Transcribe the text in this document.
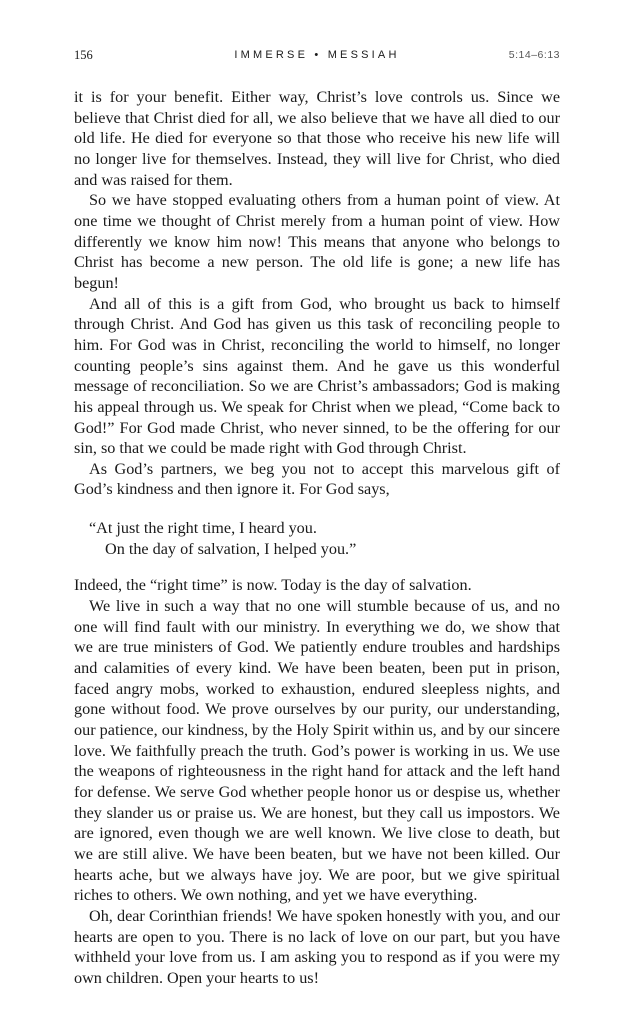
156	IMMERSE • MESSIAH	5:14–6:13

it is for your benefit. Either way, Christ’s love controls us. Since we believe that Christ died for all, we also believe that we have all died to our old life. He died for everyone so that those who receive his new life will no longer live for themselves. Instead, they will live for Christ, who died and was raised for them.

So we have stopped evaluating others from a human point of view. At one time we thought of Christ merely from a human point of view. How differently we know him now! This means that anyone who belongs to Christ has become a new person. The old life is gone; a new life has begun!

And all of this is a gift from God, who brought us back to himself through Christ. And God has given us this task of reconciling people to him. For God was in Christ, reconciling the world to himself, no longer counting people’s sins against them. And he gave us this wonderful message of reconciliation. So we are Christ’s ambassadors; God is making his appeal through us. We speak for Christ when we plead, “Come back to God!” For God made Christ, who never sinned, to be the offering for our sin, so that we could be made right with God through Christ.

As God’s partners, we beg you not to accept this marvelous gift of God’s kindness and then ignore it. For God says,

“At just the right time, I heard you.
On the day of salvation, I helped you.”

Indeed, the “right time” is now. Today is the day of salvation.

We live in such a way that no one will stumble because of us, and no one will find fault with our ministry. In everything we do, we show that we are true ministers of God. We patiently endure troubles and hardships and calamities of every kind. We have been beaten, been put in prison, faced angry mobs, worked to exhaustion, endured sleepless nights, and gone without food. We prove ourselves by our purity, our understanding, our patience, our kindness, by the Holy Spirit within us, and by our sincere love. We faithfully preach the truth. God’s power is working in us. We use the weapons of righteousness in the right hand for attack and the left hand for defense. We serve God whether people honor us or despise us, whether they slander us or praise us. We are honest, but they call us impostors. We are ignored, even though we are well known. We live close to death, but we are still alive. We have been beaten, but we have not been killed. Our hearts ache, but we always have joy. We are poor, but we give spiritual riches to others. We own nothing, and yet we have everything.

Oh, dear Corinthian friends! We have spoken honestly with you, and our hearts are open to you. There is no lack of love on our part, but you have withheld your love from us. I am asking you to respond as if you were my own children. Open your hearts to us!
